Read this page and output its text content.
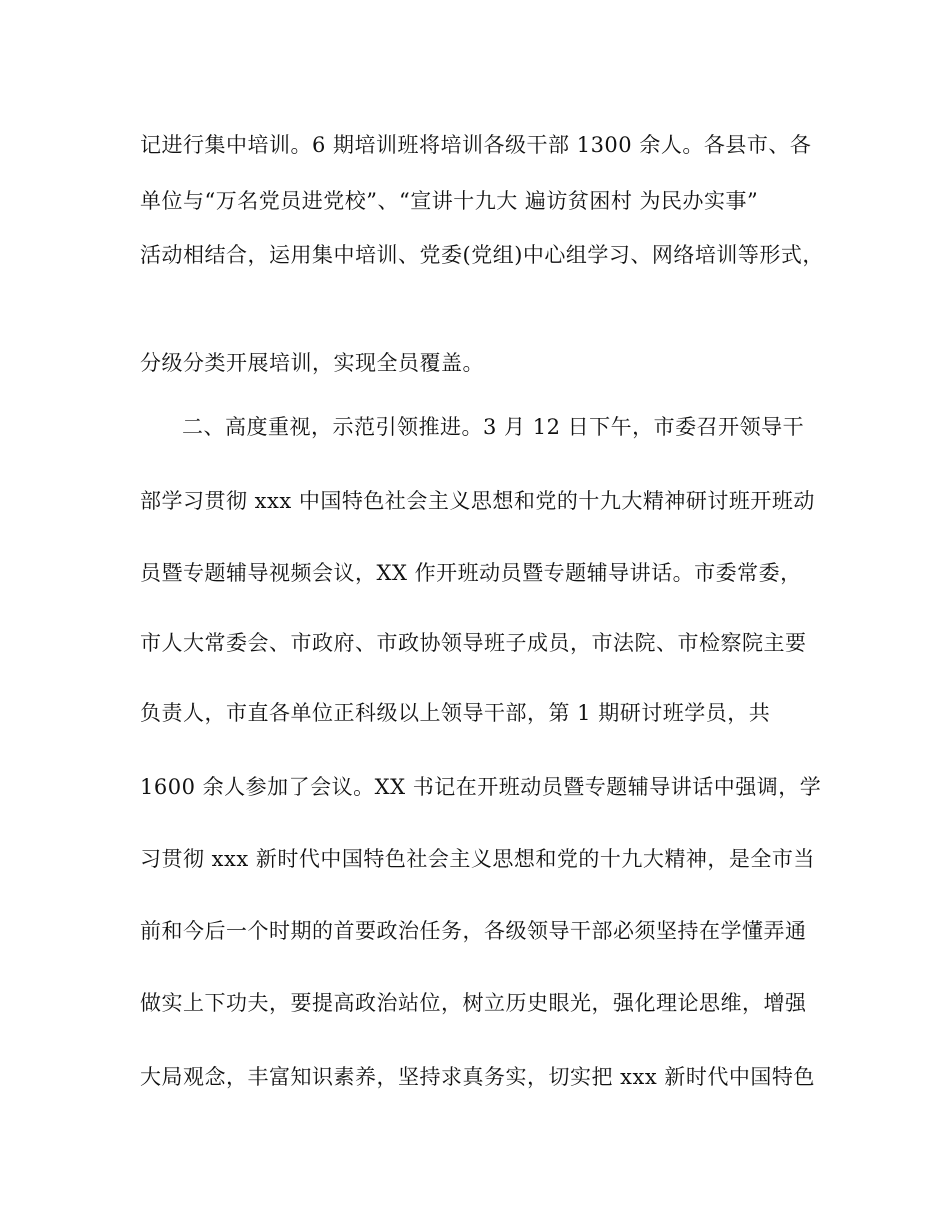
记进行集中培训。6 期培训班将培训各级干部 1300 余人。各县市、各
单位与“万名党员进党校”、“宣讲十九大 遍访贫困村 为民办实事”
活动相结合，运用集中培训、党委(党组)中心组学习、网络培训等形式，
分级分类开展培训，实现全员覆盖。
二、高度重视，示范引领推进。3 月 12 日下午，市委召开领导干
部学习贯彻 xxx 中国特色社会主义思想和党的十九大精神研讨班开班动
员暨专题辅导视频会议，XX 作开班动员暨专题辅导讲话。市委常委，
市人大常委会、市政府、市政协领导班子成员，市法院、市检察院主要
负责人，市直各单位正科级以上领导干部，第 1 期研讨班学员，共
1600 余人参加了会议。XX 书记在开班动员暨专题辅导讲话中强调，学
习贯彻 xxx 新时代中国特色社会主义思想和党的十九大精神，是全市当
前和今后一个时期的首要政治任务，各级领导干部必须坚持在学懂弄通
做实上下功夫，要提高政治站位，树立历史眼光，强化理论思维，增强
大局观念，丰富知识素养，坚持求真务实，切实把 xxx 新时代中国特色
